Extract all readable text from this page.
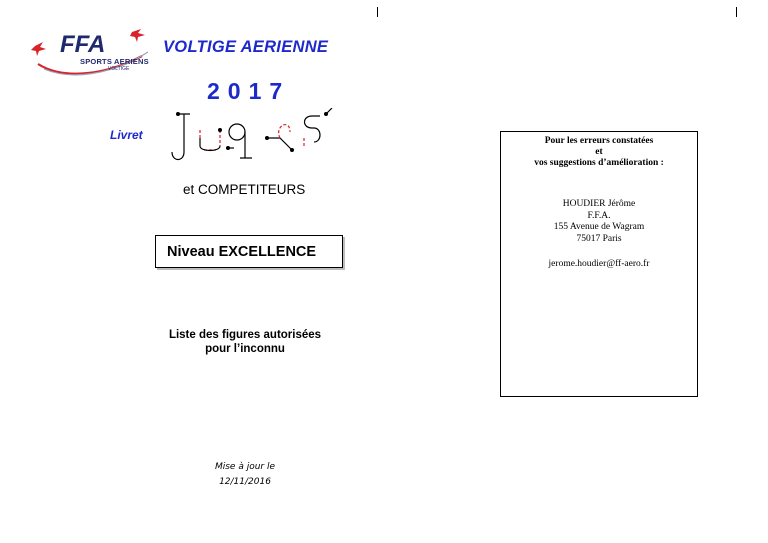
FFA
SPORTS AERIENS
VOLTIGE
VOLTIGE AERIENNE
2017
Livret
et COMPETITEURS
Niveau EXCELLENCE
Liste des figures autorisées
pour l’inconnu
Mise à jour le
12/11/2016
Pour les erreurs constatées
et
vos suggestions d’amélioration :
HOUDIER Jérôme
F.F.A.
155 Avenue de Wagram
75017 Paris
jerome.houdier@ff-aero.fr
